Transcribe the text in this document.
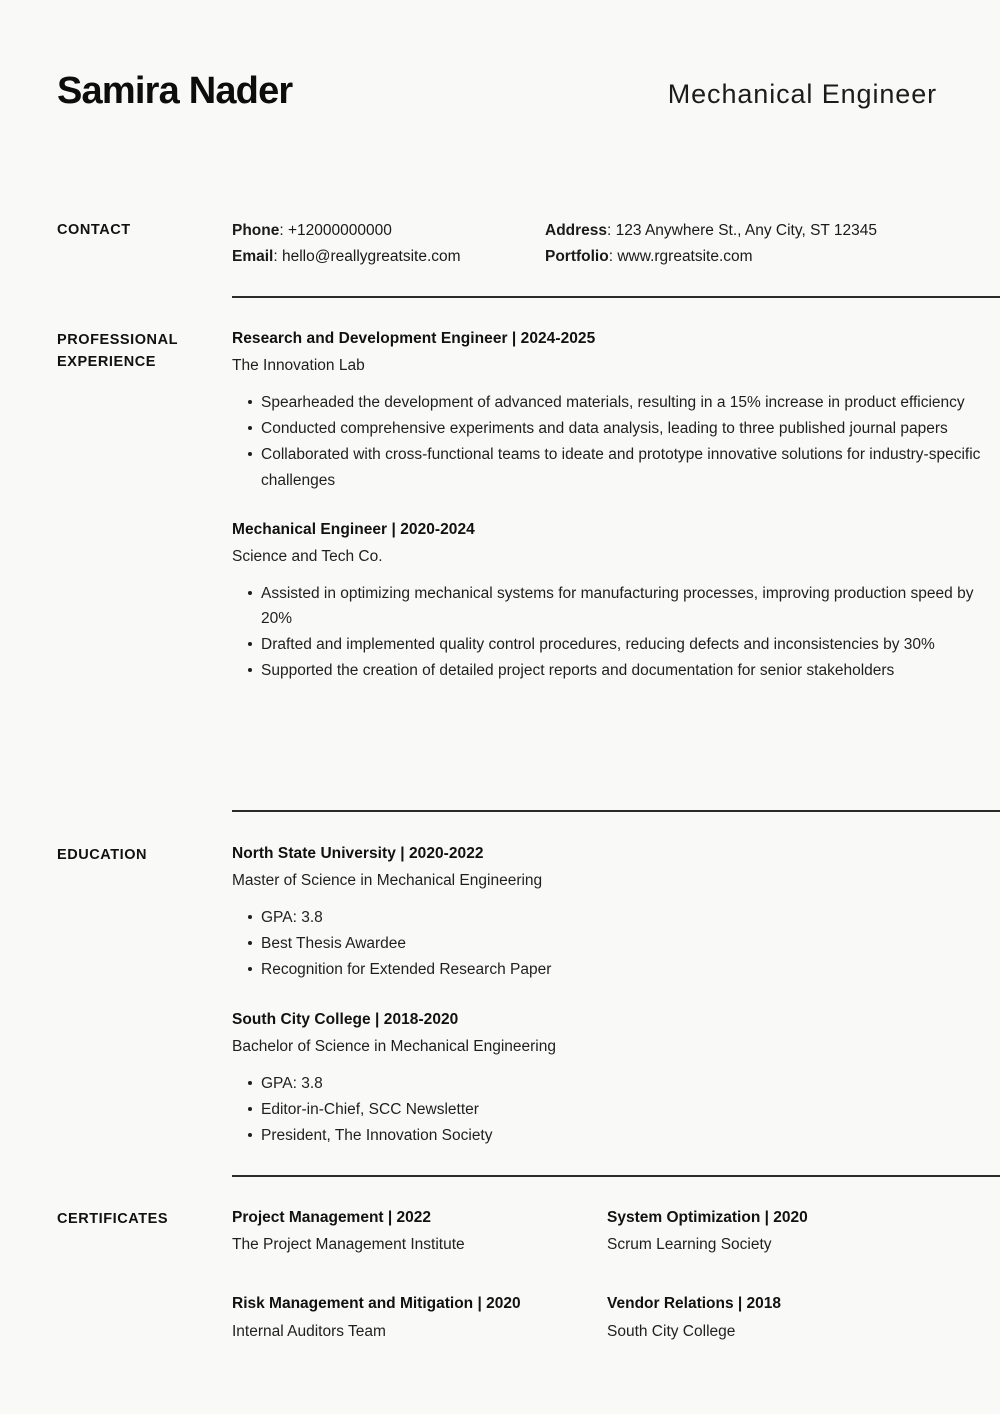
Samira Nader	Mechanical Engineer
CONTACT	Phone: +12000000000
Email: hello@reallygreatsite.com
Address: 123 Anywhere St., Any City, ST 12345
Portfolio: www.rgreatsite.com
PROFESSIONAL
EXPERIENCE
Research and Development Engineer | 2024-2025
The Innovation Lab
Spearheaded the development of advanced materials, resulting in a 15% increase in product efficiency
Conducted comprehensive experiments and data analysis, leading to three published journal papers
Collaborated with cross-functional teams to ideate and prototype innovative solutions for industry-specific challenges
Mechanical Engineer | 2020-2024
Science and Tech Co.
Assisted in optimizing mechanical systems for manufacturing processes, improving production speed by 20%
Drafted and implemented quality control procedures, reducing defects and inconsistencies by 30%
Supported the creation of detailed project reports and documentation for senior stakeholders
EDUCATION	North State University | 2020-2022
Master of Science in Mechanical Engineering
GPA: 3.8
Best Thesis Awardee
Recognition for Extended Research Paper
South City College | 2018-2020
Bachelor of Science in Mechanical Engineering
GPA: 3.8
Editor-in-Chief, SCC Newsletter
President, The Innovation Society
CERTIFICATES	Project Management | 2022
The Project Management Institute
System Optimization | 2020
Scrum Learning Society
Risk Management and Mitigation | 2020
Internal Auditors Team
Vendor Relations | 2018
South City College
